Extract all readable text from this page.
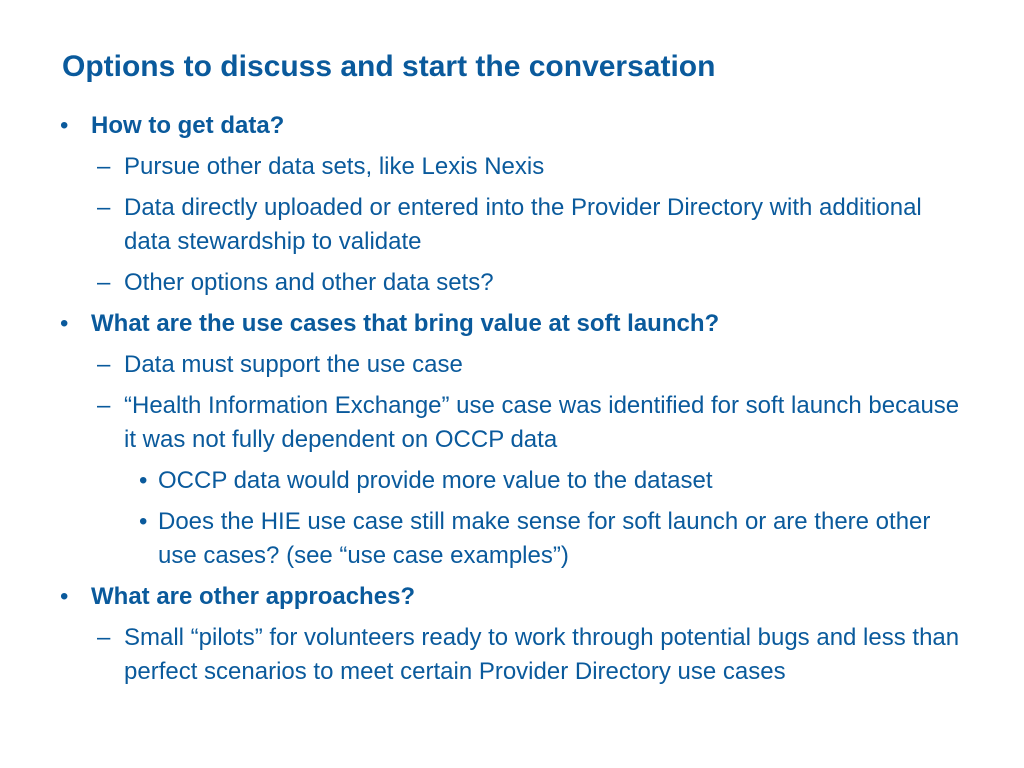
Options to discuss and start the conversation
• How to get data?
– Pursue other data sets, like Lexis Nexis
– Data directly uploaded or entered into the Provider Directory with additional data stewardship to validate
– Other options and other data sets?
• What are the use cases that bring value at soft launch?
– Data must support the use case
– “Health Information Exchange” use case was identified for soft launch because it was not fully dependent on OCCP data
• OCCP data would provide more value to the dataset
• Does the HIE use case still make sense for soft launch or are there other use cases? (see “use case examples”)
• What are other approaches?
– Small “pilots” for volunteers ready to work through potential bugs and less than perfect scenarios to meet certain Provider Directory use cases
